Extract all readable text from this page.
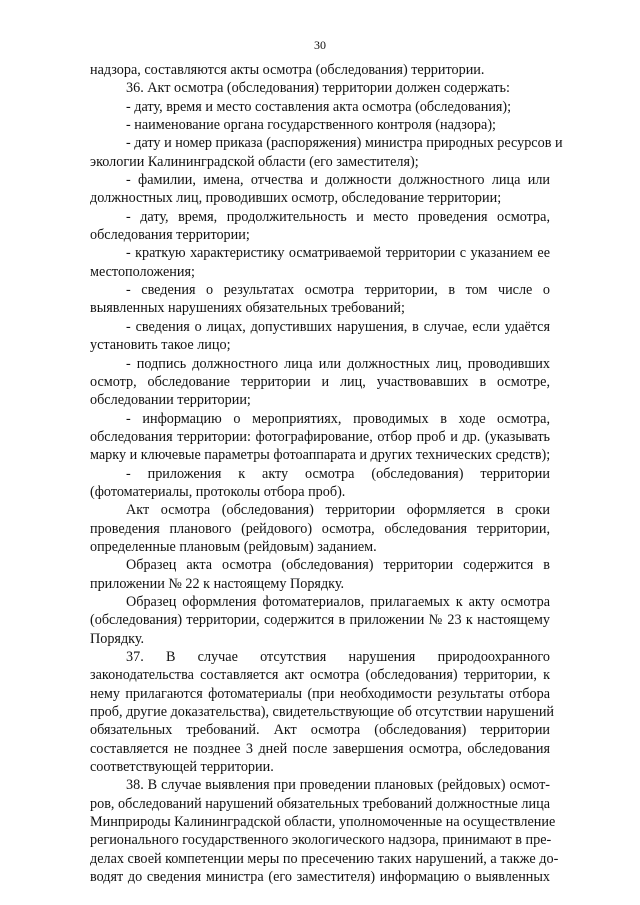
30
надзора, составляются акты осмотра (обследования) территории.
36. Акт осмотра (обследования) территории должен содержать:
- дату, время и место составления акта осмотра (обследования);
- наименование органа государственного контроля (надзора);
- дату и номер приказа (распоряжения) министра природных ресурсов и
экологии Калининградской области (его заместителя);
- фамилии, имена, отчества и должности должностного лица или
должностных лиц, проводивших осмотр, обследование территории;
- дату, время, продолжительность и место проведения осмотра,
обследования территории;
- краткую характеристику осматриваемой территории с указанием ее
местоположения;
- сведения о результатах осмотра территории, в том числе о
выявленных нарушениях обязательных требований;
- сведения о лицах, допустивших нарушения, в случае, если удаётся
установить такое лицо;
- подпись должностного лица или должностных лиц, проводивших
осмотр, обследование территории и лиц, участвовавших в осмотре,
обследовании территории;
- информацию о мероприятиях, проводимых в ходе осмотра,
обследования территории: фотографирование, отбор проб и др. (указывать
марку и ключевые параметры фотоаппарата и других технических средств);
- приложения к акту осмотра (обследования) территории
(фотоматериалы, протоколы отбора проб).
Акт осмотра (обследования) территории оформляется в сроки
проведения планового (рейдового) осмотра, обследования территории,
определенные плановым (рейдовым) заданием.
Образец акта осмотра (обследования) территории содержится в
приложении № 22 к настоящему Порядку.
Образец оформления фотоматериалов, прилагаемых к акту осмотра
(обследования) территории, содержится в приложении № 23 к настоящему
Порядку.
37. В случае отсутствия нарушения природоохранного
законодательства составляется акт осмотра (обследования) территории, к
нему прилагаются фотоматериалы (при необходимости результаты отбора
проб, другие доказательства), свидетельствующие об отсутствии нарушений
обязательных требований. Акт осмотра (обследования) территории
составляется не позднее 3 дней после завершения осмотра, обследования
соответствующей территории.
38. В случае выявления при проведении плановых (рейдовых) осмот-
ров, обследований нарушений обязательных требований должностные лица
Минприроды Калининградской области, уполномоченные на осуществление
регионального государственного экологического надзора, принимают в пре-
делах своей компетенции меры по пресечению таких нарушений, а также до-
водят до сведения министра (его заместителя) информацию о выявленных
